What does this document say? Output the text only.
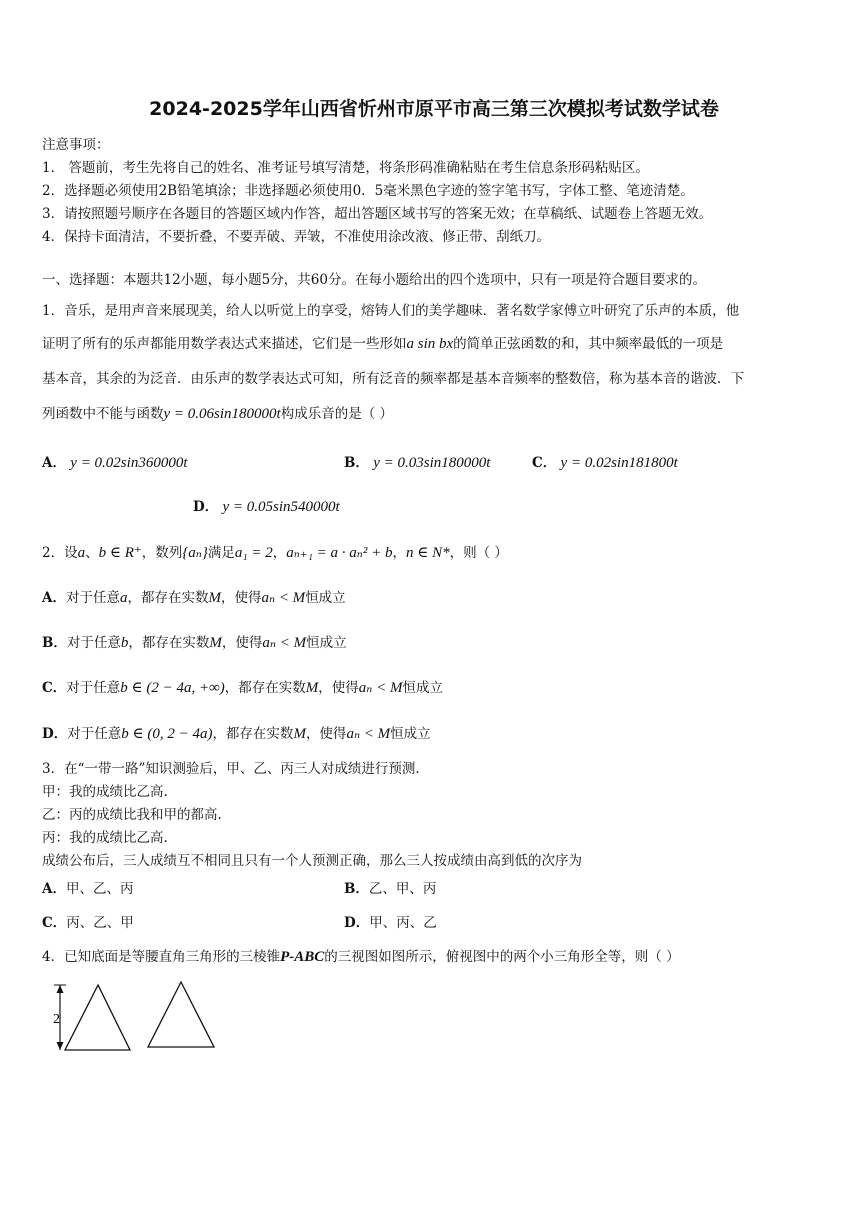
2024-2025学年山西省忻州市原平市高三第三次模拟考试数学试卷
注意事项：
1． 答题前，考生先将自己的姓名、准考证号填写清楚，将条形码准确粘贴在考生信息条形码粘贴区。
2．选择题必须使用2B铅笔填涂；非选择题必须使用0．5毫米黑色字迹的签字笔书写，字体工整、笔迹清楚。
3．请按照题号顺序在各题目的答题区域内作答，超出答题区域书写的答案无效；在草稿纸、试题卷上答题无效。
4．保持卡面清洁，不要折叠，不要弄破、弄皱，不准使用涂改液、修正带、刮纸刀。
一、选择题：本题共12小题，每小题5分，共60分。在每小题给出的四个选项中，只有一项是符合题目要求的。
1．音乐，是用声音来展现美，给人以听觉上的享受，熔铸人们的美学趣味．著名数学家傅立叶研究了乐声的本质，他
证明了所有的乐声都能用数学表达式来描述，它们是一些形如a sin bx的简单正弦函数的和，其中频率最低的一项是
基本音，其余的为泛音．由乐声的数学表达式可知，所有泛音的频率都是基本音频率的整数倍，称为基本音的谐波．下
列函数中不能与函数y = 0.06sin180000t构成乐音的是（ ）
A． y = 0.02sin360000t	B． y = 0.03sin180000t	C． y = 0.02sin181800t
D． y = 0.05sin540000t
2．设a、b ∈ R⁺，数列{aₙ}满足a₁ = 2，aₙ₊₁ = a · aₙ² + b，n ∈ N*，则（ ）
A．对于任意a，都存在实数M，使得aₙ < M恒成立
B．对于任意b，都存在实数M，使得aₙ < M恒成立
C．对于任意b ∈ (2 − 4a, +∞)，都存在实数M，使得aₙ < M恒成立
D．对于任意b ∈ (0, 2 − 4a)，都存在实数M，使得aₙ < M恒成立
3．在“一带一路”知识测验后，甲、乙、丙三人对成绩进行预测.
甲：我的成绩比乙高.
乙：丙的成绩比我和甲的都高.
丙：我的成绩比乙高.
成绩公布后，三人成绩互不相同且只有一个人预测正确，那么三人按成绩由高到低的次序为
A．甲、乙、丙	B．乙、甲、丙
C．丙、乙、甲	D．甲、丙、乙
4．已知底面是等腰直角三角形的三棱锥P-ABC的三视图如图所示，俯视图中的两个小三角形全等，则（ ）
2
